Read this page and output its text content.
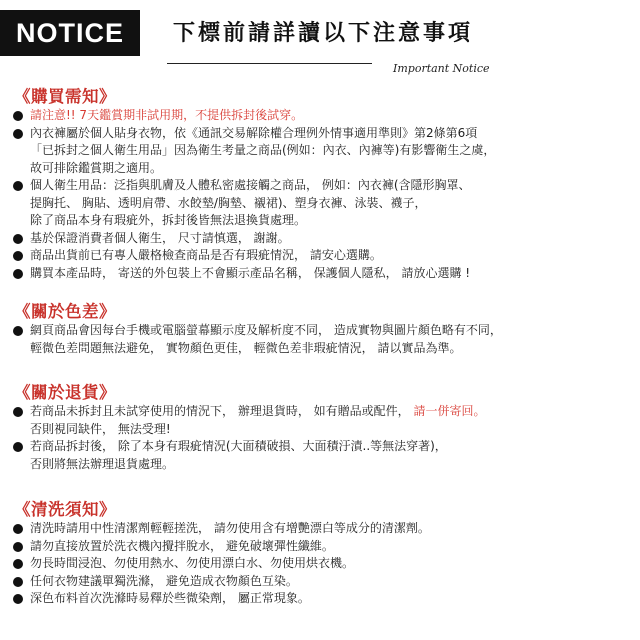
NOTICE	下標前請詳讀以下注意事項
Important Notice
《購買需知》
請注意!! 7天鑑賞期非試用期，不提供拆封後試穿。
內衣褲屬於個人貼身衣物，依《通訊交易解除權合理例外情事適用準則》第2條第6項
「已拆封之個人衛生用品」因為衛生考量之商品(例如：內衣、內褲等)有影響衛生之虞，
故可排除鑑賞期之適用。
個人衛生用品：泛指與肌膚及人體私密處接觸之商品， 例如：內衣褲(含隱形胸罩、
提胸托、 胸貼、透明肩帶、水餃墊/胸墊、襯裙)、塑身衣褲、泳裝、襪子，
除了商品本身有瑕疵外，拆封後皆無法退換貨處理。
基於保證消費者個人衛生， 尺寸請慎選， 謝謝。
商品出貨前已有專人嚴格檢查商品是否有瑕疵情況， 請安心選購。
購買本產品時， 寄送的外包裝上不會顯示產品名稱， 保護個人隱私， 請放心選購 !
《關於色差》
網頁商品會因每台手機或電腦螢幕顯示度及解析度不同， 造成實物與圖片顏色略有不同，
輕微色差問題無法避免， 實物顏色更佳， 輕微色差非瑕疵情況， 請以實品為準。
《關於退貨》
若商品未拆封且未試穿使用的情況下， 辦理退貨時， 如有贈品或配件， 請一併寄回。
否則視同缺件， 無法受理!
若商品拆封後， 除了本身有瑕疵情況(大面積破損、大面積汙漬..等無法穿著)，
否則將無法辦理退貨處理。
《清洗須知》
清洗時請用中性清潔劑輕輕搓洗， 請勿使用含有增艷漂白等成分的清潔劑。
請勿直接放置於洗衣機內攪拌脫水， 避免破壞彈性纖維。
勿長時間浸泡、勿使用熱水、勿使用漂白水、勿使用烘衣機。
任何衣物建議單獨洗滌， 避免造成衣物顏色互染。
深色布料首次洗滌時易釋於些微染劑， 屬正常現象。
